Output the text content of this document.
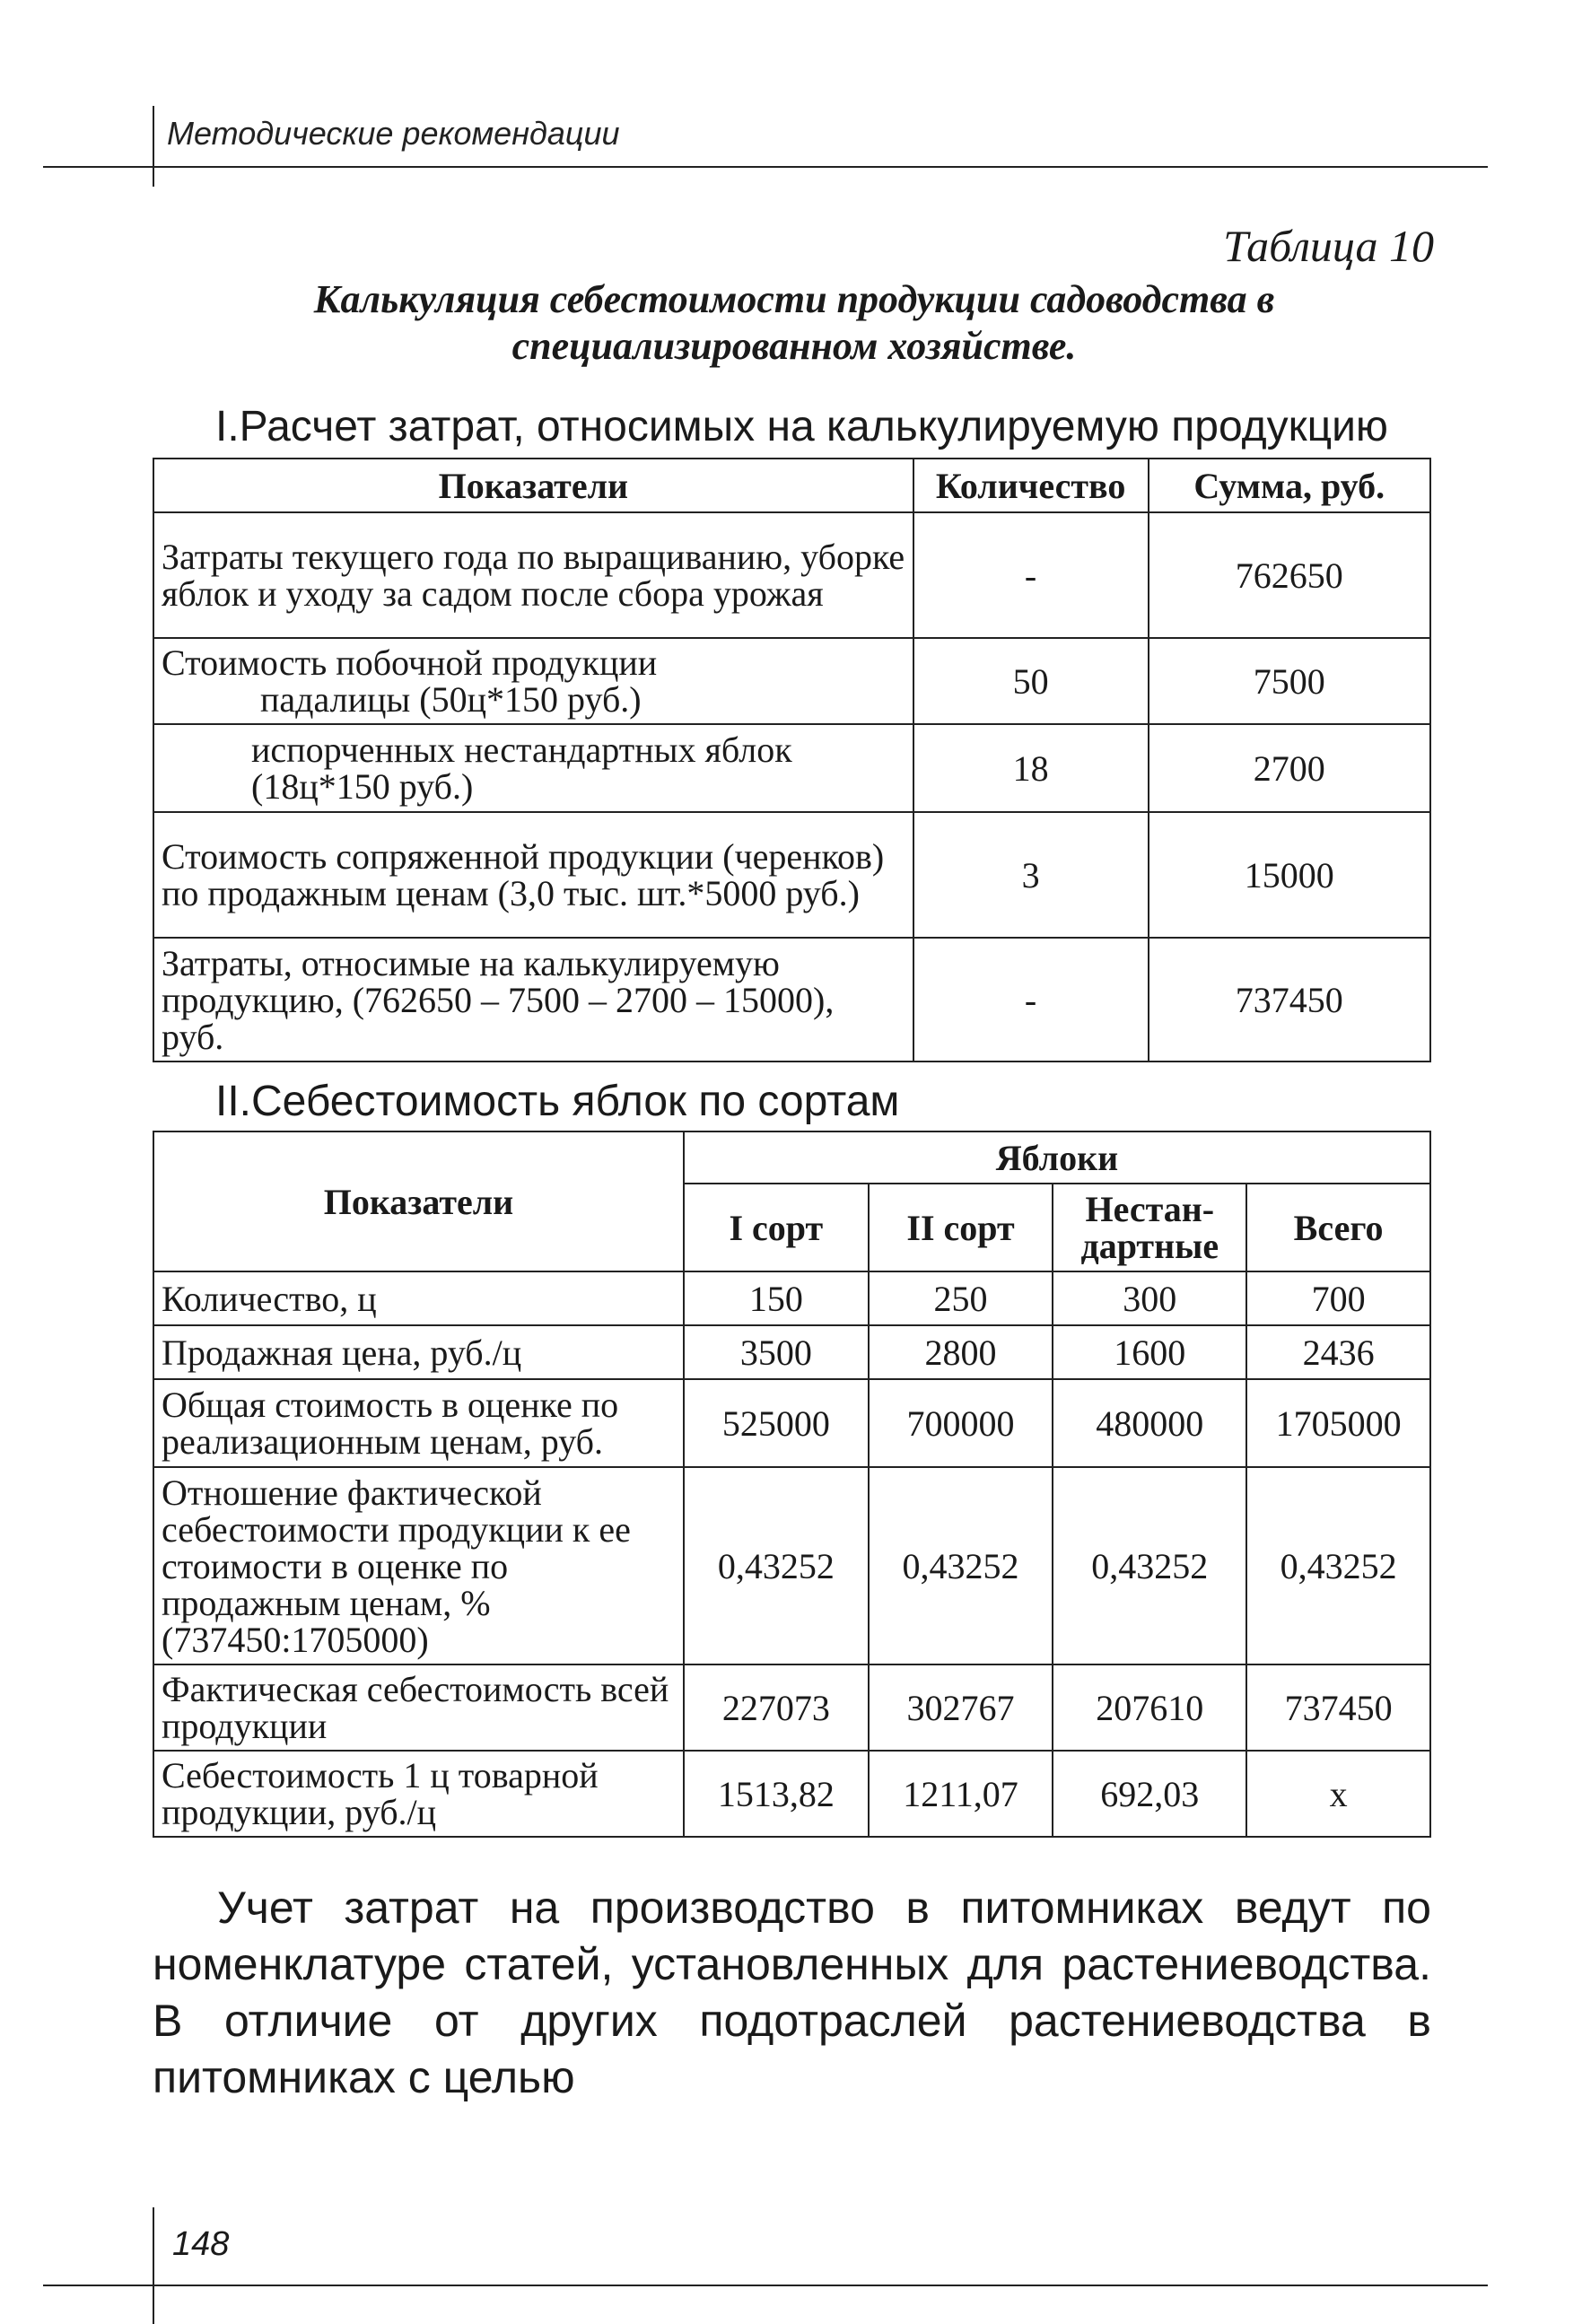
Методические рекомендации
Таблица 10
Калькуляция себестоимости продукции садоводства в
специализированном хозяйстве.
I.Расчет затрат, относимых на калькулируемую продукцию
Показатели	Количество	Сумма, руб.
Затраты текущего года по выращиванию, уборке яблок и уходу за садом после сбора урожая	-	762650
Стоимость побочной продукции
падалицы (50ц*150 руб.)	50	7500

испорченных нестандартных яблок (18ц*150 руб.)	18	2700
Стоимость сопряженной продукции (черенков) по продажным ценам (3,0 тыс. шт.*5000 руб.)	3	15000
Затраты, относимые на калькулируемую продукцию, (762650 – 7500 – 2700 – 15000), руб.	-	737450
II.Себестоимость яблок по сортам
Показатели	Яблоки			
	I сорт	II сорт	Нестан-дартные	Всего
Количество, ц	150	250	300	700
Продажная цена, руб./ц	3500	2800	1600	2436
Общая стоимость в оценке по реализационным ценам, руб.	525000	700000	480000	1705000
Отношение фактической себестоимости продукции к ее стоимости в оценке по продажным ценам, % (737450:1705000)	0,43252	0,43252	0,43252	0,43252
Фактическая себестоимость всей продукции	227073	302767	207610	737450
Себестоимость 1 ц товарной продукции, руб./ц	1513,82	1211,07	692,03	х
Учет затрат на производство в питомниках ведут по номенклатуре статей, установленных для растениеводства. В отличие от других подотраслей растениеводства в питомниках с целью
148
